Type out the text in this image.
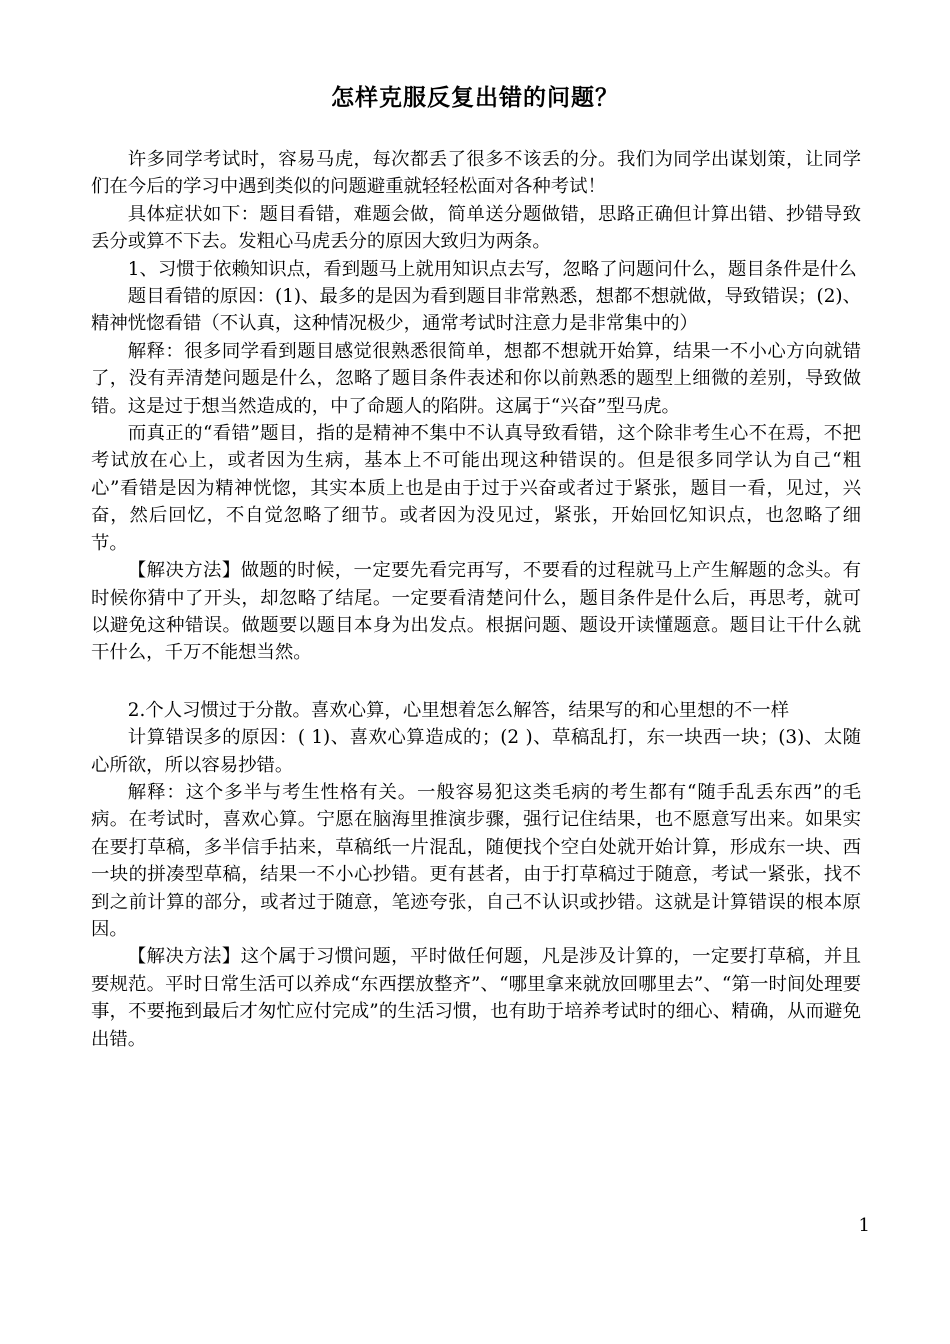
怎样克服反复出错的问题？

许多同学考试时，容易马虎，每次都丢了很多不该丢的分。我们为同学出谋划策，让同学们在今后的学习中遇到类似的问题避重就轻轻松面对各种考试！

具体症状如下：题目看错，难题会做，简单送分题做错，思路正确但计算出错、抄错导致丢分或算不下去。发粗心马虎丢分的原因大致归为两条。

1、习惯于依赖知识点，看到题马上就用知识点去写，忽略了问题问什么，题目条件是什么

题目看错的原因：(1)、最多的是因为看到题目非常熟悉，想都不想就做，导致错误；(2)、精神恍惚看错（不认真，这种情况极少，通常考试时注意力是非常集中的）

解释：很多同学看到题目感觉很熟悉很简单，想都不想就开始算，结果一不小心方向就错了，没有弄清楚问题是什么，忽略了题目条件表述和你以前熟悉的题型上细微的差别，导致做错。这是过于想当然造成的，中了命题人的陷阱。这属于“兴奋”型马虎。

而真正的“看错”题目，指的是精神不集中不认真导致看错，这个除非考生心不在焉，不把考试放在心上，或者因为生病，基本上不可能出现这种错误的。但是很多同学认为自己“粗心”看错是因为精神恍惚，其实本质上也是由于过于兴奋或者过于紧张，题目一看，见过，兴奋，然后回忆，不自觉忽略了细节。或者因为没见过，紧张，开始回忆知识点，也忽略了细节。

【解决方法】做题的时候，一定要先看完再写，不要看的过程就马上产生解题的念头。有时候你猜中了开头，却忽略了结尾。一定要看清楚问什么，题目条件是什么后，再思考，就可以避免这种错误。做题要以题目本身为出发点。根据问题、题设开读懂题意。题目让干什么就干什么，千万不能想当然。

2.个人习惯过于分散。喜欢心算，心里想着怎么解答，结果写的和心里想的不一样

计算错误多的原因：( 1)、喜欢心算造成的；(2 )、草稿乱打，东一块西一块；(3)、太随心所欲，所以容易抄错。

解释：这个多半与考生性格有关。一般容易犯这类毛病的考生都有“随手乱丢东西”的毛病。在考试时，喜欢心算。宁愿在脑海里推演步骤，强行记住结果，也不愿意写出来。如果实在要打草稿，多半信手拈来，草稿纸一片混乱，随便找个空白处就开始计算，形成东一块、西一块的拼凑型草稿，结果一不小心抄错。更有甚者，由于打草稿过于随意，考试一紧张，找不到之前计算的部分，或者过于随意，笔迹夸张，自己不认识或抄错。这就是计算错误的根本原因。

【解决方法】这个属于习惯问题，平时做任何题，凡是涉及计算的，一定要打草稿，并且要规范。平时日常生活可以养成“东西摆放整齐”、“哪里拿来就放回哪里去”、“第一时间处理要事，不要拖到最后才匆忙应付完成”的生活习惯，也有助于培养考试时的细心、精确，从而避免出错。

1
